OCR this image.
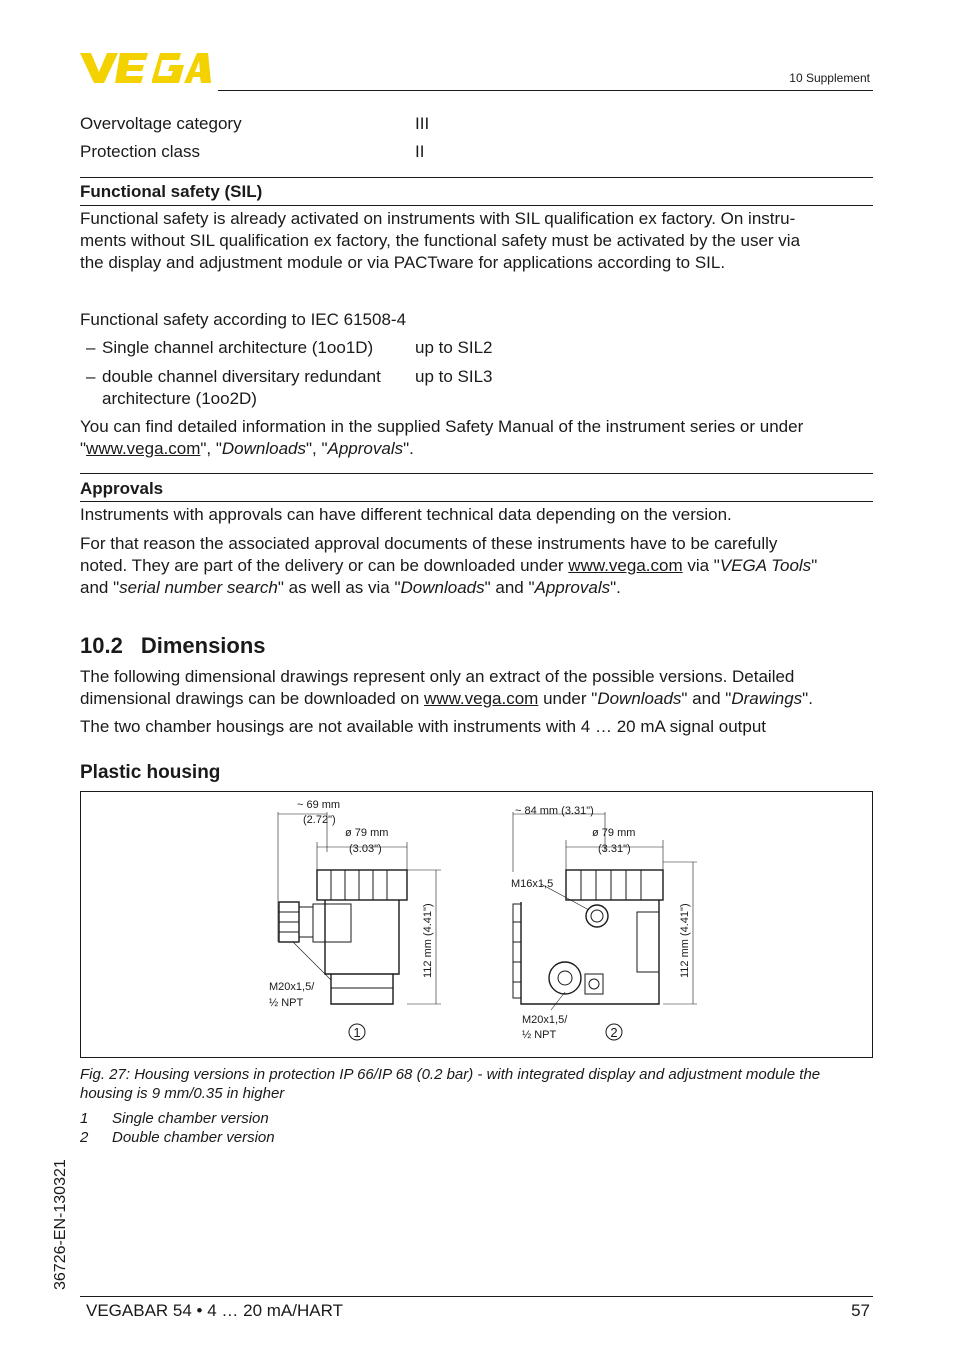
10 Supplement
Overvoltage category	III
Protection class	II
Functional safety (SIL)
Functional safety is already activated on instruments with SIL qualification ex factory. On instru-
ments without SIL qualification ex factory, the functional safety must be activated by the user via
the display and adjustment module or via PACTware for applications according to SIL.
Functional safety according to IEC 61508-4
– Single channel architecture (1oo1D) up to SIL2
– double channel diversitary redundant
architecture (1oo2D)
up to SIL3
You can find detailed information in the supplied Safety Manual of the instrument series or under
"www.vega.com", "Downloads", "Approvals".
Approvals
Instruments with approvals can have different technical data depending on the version.
For that reason the associated approval documents of these instruments have to be carefully
noted. They are part of the delivery or can be downloaded under www.vega.com via "VEGA Tools"
and "serial number search" as well as via "Downloads" and "Approvals".
10.2 Dimensions
The following dimensional drawings represent only an extract of the possible versions. Detailed
dimensional drawings can be downloaded on www.vega.com under "Downloads" and "Drawings".
The two chamber housings are not available with instruments with 4 … 20 mA signal output
Plastic housing
~ 69 mm
(2.72")
ø 79 mm
(3.03")
M20x1,5/
½ NPT
112 mm (4.41")
~ 84 mm (3.31")
ø 79 mm
(3.31")
M16x1,5
M20x1,5/
½ NPT
112 mm (4.41")
1	2
Fig. 27: Housing versions in protection IP 66/IP 68 (0.2 bar) - with integrated display and adjustment module the
housing is 9 mm/0.35 in higher
1 Single chamber version
2 Double chamber version
36726-EN-130321
VEGABAR 54 • 4 … 20 mA/HART	57
